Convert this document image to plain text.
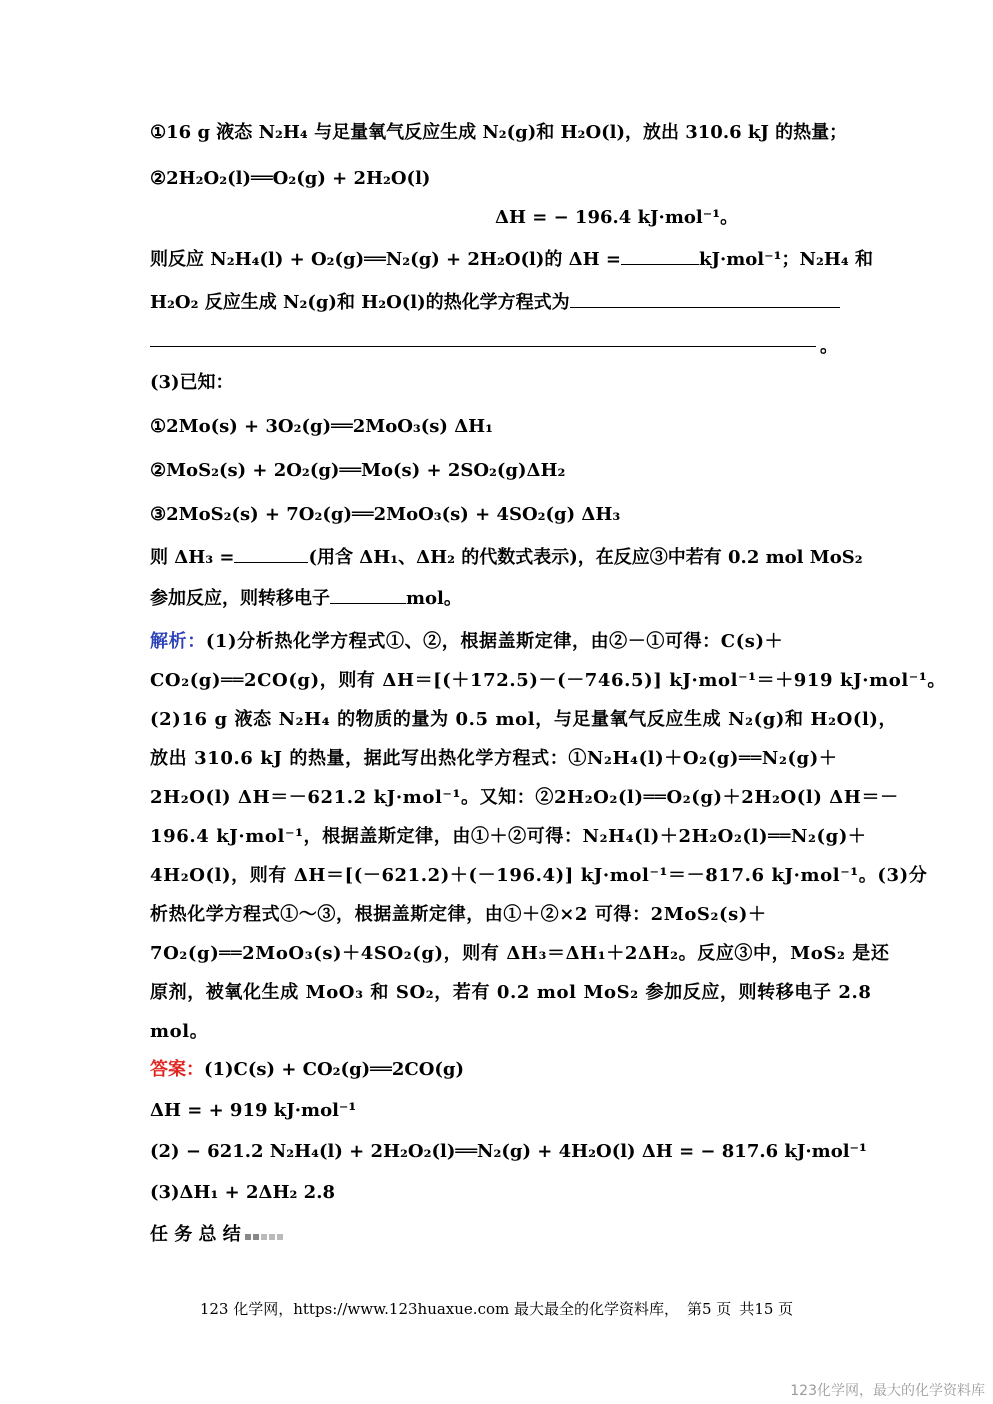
①16 g 液态 N₂H₄ 与足量氧气反应生成 N₂(g)和 H₂O(l)，放出 310.6 kJ 的热量；
②2H₂O₂(l)══O₂(g) + 2H₂O(l)
ΔH = − 196.4 kJ·mol⁻¹。
则反应 N₂H₄(l) + O₂(g)══N₂(g) + 2H₂O(l)的 ΔH =	kJ·mol⁻¹；N₂H₄ 和
H₂O₂ 反应生成 N₂(g)和 H₂O(l)的热化学方程式为
。
(3)已知：
①2Mo(s) + 3O₂(g)══2MoO₃(s) ΔH₁
②MoS₂(s) + 2O₂(g)══Mo(s) + 2SO₂(g)ΔH₂
③2MoS₂(s) + 7O₂(g)══2MoO₃(s) + 4SO₂(g) ΔH₃
则 ΔH₃ =	(用含 ΔH₁、ΔH₂ 的代数式表示)，在反应③中若有 0.2 mol MoS₂
参加反应，则转移电子	mol。
解析：(1)分析热化学方程式①、②，根据盖斯定律，由②－①可得：C(s)＋
CO₂(g)══2CO(g)，则有 ΔH＝[(＋172.5)－(－746.5)] kJ·mol⁻¹＝＋919 kJ·mol⁻¹。
(2)16 g 液态 N₂H₄ 的物质的量为 0.5 mol，与足量氧气反应生成 N₂(g)和 H₂O(l)，
放出 310.6 kJ 的热量，据此写出热化学方程式：①N₂H₄(l)＋O₂(g)══N₂(g)＋
2H₂O(l) ΔH＝－621.2 kJ·mol⁻¹。又知：②2H₂O₂(l)══O₂(g)＋2H₂O(l) ΔH＝－
196.4 kJ·mol⁻¹，根据盖斯定律，由①＋②可得：N₂H₄(l)＋2H₂O₂(l)══N₂(g)＋
4H₂O(l)，则有 ΔH＝[(－621.2)＋(－196.4)] kJ·mol⁻¹＝－817.6 kJ·mol⁻¹。(3)分
析热化学方程式①～③，根据盖斯定律，由①＋②×2 可得：2MoS₂(s)＋
7O₂(g)══2MoO₃(s)＋4SO₂(g)，则有 ΔH₃＝ΔH₁＋2ΔH₂。反应③中，MoS₂ 是还
原剂，被氧化生成 MoO₃ 和 SO₂，若有 0.2 mol MoS₂ 参加反应，则转移电子 2.8
mol。
答案：(1)C(s) + CO₂(g)══2CO(g)
ΔH = + 919 kJ·mol⁻¹
(2) − 621.2 N₂H₄(l) + 2H₂O₂(l)══N₂(g) + 4H₂O(l) ΔH = − 817.6 kJ·mol⁻¹
(3)ΔH₁ + 2ΔH₂ 2.8
任 务 总 结
123 化学网，https://www.123huaxue.com 最大最全的化学资料库， 第5 页 共15 页
123化学网，最大的化学资料库
